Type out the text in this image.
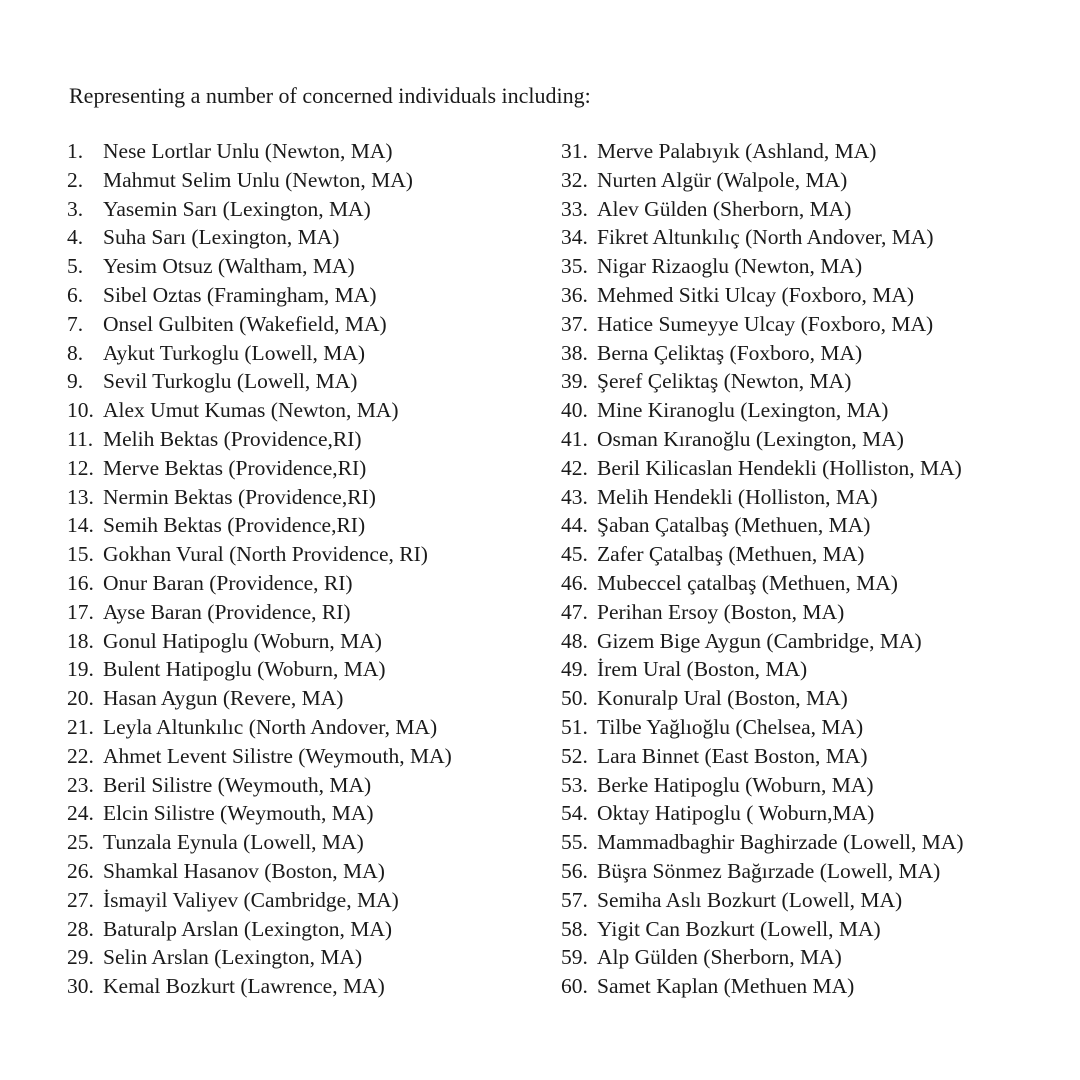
Representing a number of concerned individuals including:
1. Nese Lortlar Unlu (Newton, MA)
2. Mahmut Selim Unlu (Newton, MA)
3. Yasemin Sarı (Lexington, MA)
4. Suha Sarı (Lexington, MA)
5. Yesim Otsuz (Waltham, MA)
6. Sibel Oztas (Framingham, MA)
7. Onsel Gulbiten (Wakefield, MA)
8. Aykut Turkoglu (Lowell, MA)
9. Sevil Turkoglu (Lowell, MA)
10. Alex Umut Kumas (Newton, MA)
11. Melih Bektas (Providence,RI)
12. Merve Bektas (Providence,RI)
13. Nermin Bektas (Providence,RI)
14. Semih Bektas (Providence,RI)
15. Gokhan Vural (North Providence, RI)
16. Onur Baran (Providence, RI)
17. Ayse Baran (Providence, RI)
18. Gonul Hatipoglu (Woburn, MA)
19. Bulent Hatipoglu (Woburn, MA)
20. Hasan Aygun (Revere, MA)
21. Leyla Altunkılıc (North Andover, MA)
22. Ahmet Levent Silistre (Weymouth, MA)
23. Beril Silistre (Weymouth, MA)
24. Elcin Silistre (Weymouth, MA)
25. Tunzala Eynula (Lowell, MA)
26. Shamkal Hasanov (Boston, MA)
27. İsmayil Valiyev (Cambridge, MA)
28. Baturalp Arslan (Lexington, MA)
29. Selin Arslan (Lexington, MA)
30. Kemal Bozkurt (Lawrence, MA)
31. Merve Palabıyık (Ashland, MA)
32. Nurten Algür (Walpole, MA)
33. Alev Gülden (Sherborn, MA)
34. Fikret Altunkılıç (North Andover, MA)
35. Nigar Rizaoglu (Newton, MA)
36. Mehmed Sitki Ulcay (Foxboro, MA)
37. Hatice Sumeyye Ulcay (Foxboro, MA)
38. Berna Çeliktaş (Foxboro, MA)
39. Şeref Çeliktaş (Newton, MA)
40. Mine Kiranoglu (Lexington, MA)
41. Osman Kıranoğlu (Lexington, MA)
42. Beril Kilicaslan Hendekli (Holliston, MA)
43. Melih Hendekli (Holliston, MA)
44. Şaban Çatalbaş (Methuen, MA)
45. Zafer Çatalbaş (Methuen, MA)
46. Mubeccel çatalbaş (Methuen, MA)
47. Perihan Ersoy (Boston, MA)
48. Gizem Bige Aygun (Cambridge, MA)
49. İrem Ural (Boston, MA)
50. Konuralp Ural (Boston, MA)
51. Tilbe Yağlıoğlu (Chelsea, MA)
52. Lara Binnet (East Boston, MA)
53. Berke Hatipoglu (Woburn, MA)
54. Oktay Hatipoglu ( Woburn,MA)
55. Mammadbaghir Baghirzade (Lowell, MA)
56. Büşra Sönmez Bağırzade (Lowell, MA)
57. Semiha Aslı Bozkurt (Lowell, MA)
58. Yigit Can Bozkurt (Lowell, MA)
59. Alp Gülden (Sherborn, MA)
60. Samet Kaplan (Methuen MA)
